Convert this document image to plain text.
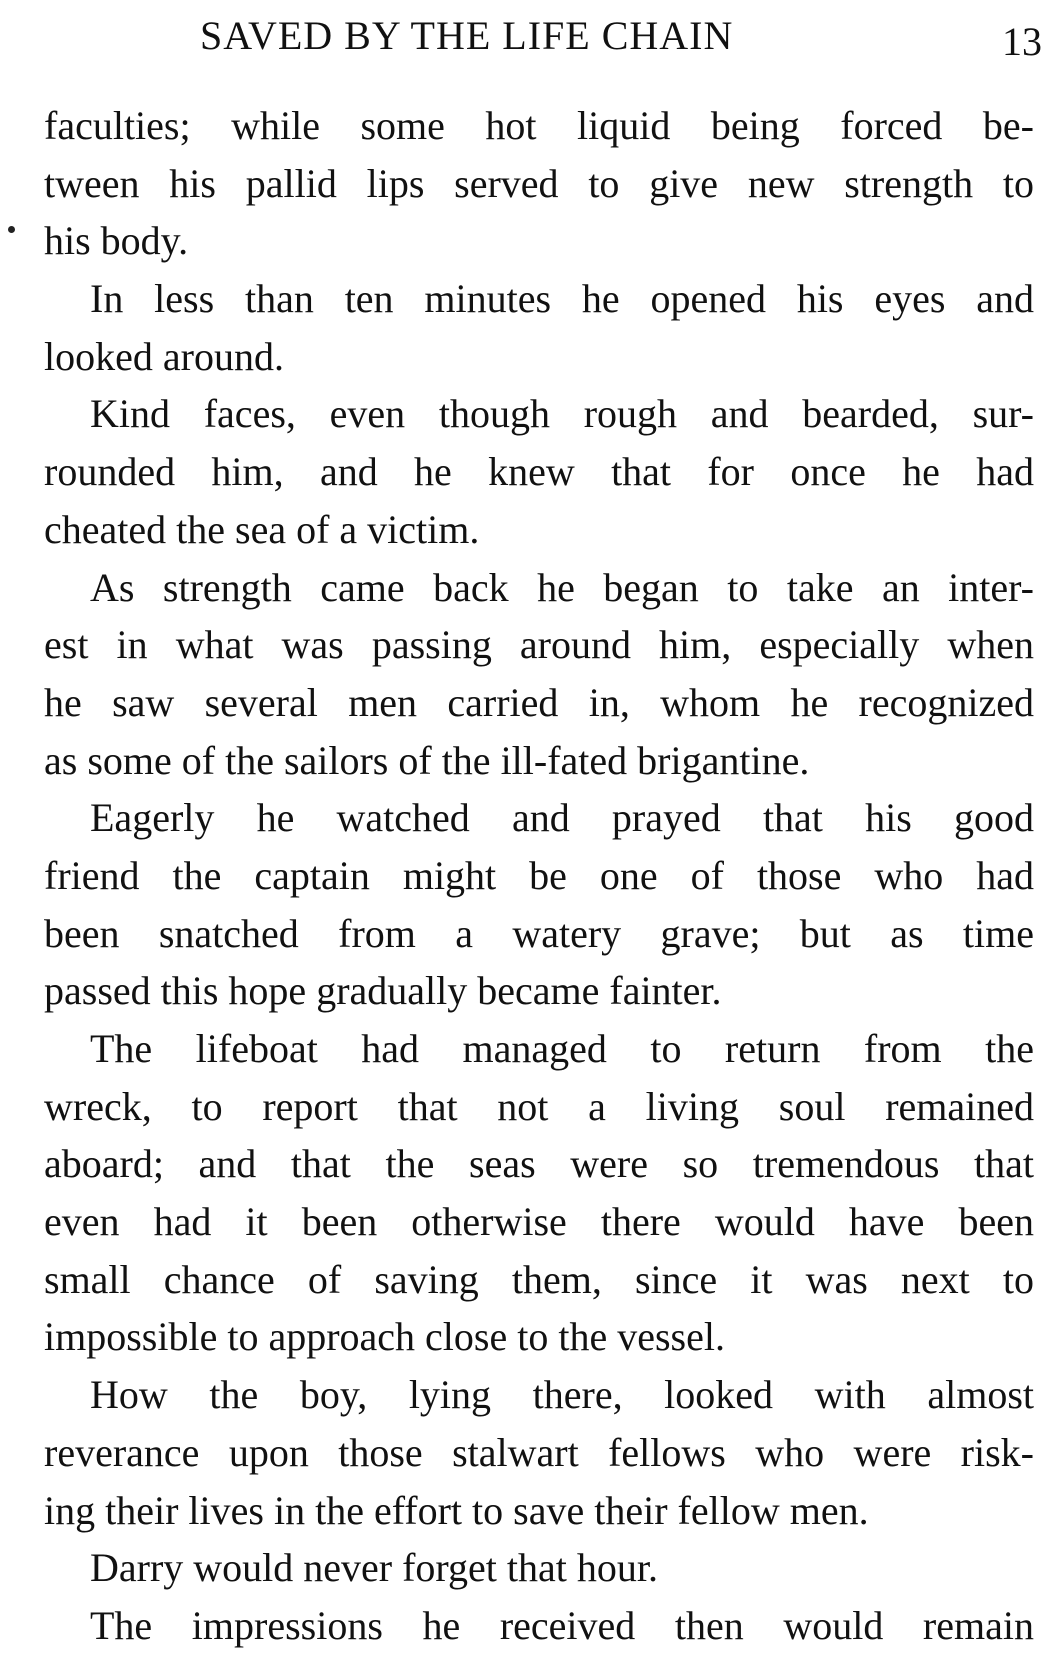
SAVED BY THE LIFE CHAIN	13
faculties; while some hot liquid being forced be-
tween his pallid lips served to give new strength to
his body.
In less than ten minutes he opened his eyes and
looked around.
Kind faces, even though rough and bearded, sur-
rounded him, and he knew that for once he had
cheated the sea of a victim.
As strength came back he began to take an inter-
est in what was passing around him, especially when
he saw several men carried in, whom he recognized
as some of the sailors of the ill-fated brigantine.
Eagerly he watched and prayed that his good
friend the captain might be one of those who had
been snatched from a watery grave; but as time
passed this hope gradually became fainter.
The lifeboat had managed to return from the
wreck, to report that not a living soul remained
aboard; and that the seas were so tremendous that
even had it been otherwise there would have been
small chance of saving them, since it was next to
impossible to approach close to the vessel.
How the boy, lying there, looked with almost
reverance upon those stalwart fellows who were risk-
ing their lives in the effort to save their fellow men.
Darry would never forget that hour.
The impressions he received then would remain
